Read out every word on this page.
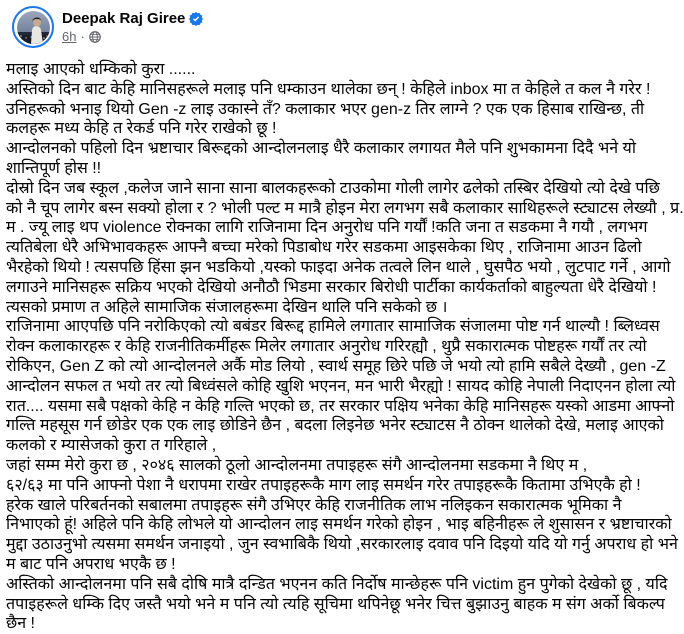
Deepak Raj Giree
6h ·
मलाइ आएको धम्किको कुरा ......
अस्तिको दिन बाट केहि मानिसहरूले मलाइ पनि धम्काउन थालेका छन् ! केहिले inbox मा त केहिले त कल नै गरेर !
उनिहरूको भनाइ थियो Gen -z लाइ उकास्ने तँ? कलाकार भएर gen-z तिर लाग्ने ? एक एक हिसाब राखिन्छ, ती
कलहरू मध्य केहि त रेकर्ड पनि गरेर राखेको छू !
आन्दोलनको पहिलो दिन भ्रष्टाचार बिरूद्दको आन्दोलनलाइ धैरै कलाकार लगायत मैले पनि शुभकामना दिदै भने यो
शान्तिपूर्ण होस !!
दोस्रो दिन जब स्कूल ,कलेज जाने साना साना बालकहरूको टाउकोमा गोली लागेर ढलेको तस्बिर देखियो त्यो देखे पछि
को नै चूप लागेर बस्न सक्यो होला र ? भोली पल्ट म मात्रै होइन मेरा लगभग सबै कलाकार साथिहरूले स्ट्याटस लेख्यौ , प्र.
म . ज्यू लाइ थप violence रोक्नका लागि राजिनामा दिन अनुरोध पनि गर्यौं !कति जना त सडकमा नै गयौ , लगभग
त्यतिबेला धेरै अभिभावकहरू आफ्नै बच्चा मरेको पिडाबोध गरेर सडकमा आइसकेका थिए , राजिनामा आउन ढिलो
भैरहेको थियो ! त्यसपछि हिंसा झन भडकियो ,यस्को फाइदा अनेक तत्वले लिन थाले , घुसपैठ भयो , लुटपाट गर्ने , आगो
लगाउने मानिसहरू सक्रिय भएको देखियो अनौठौ भिडमा सरकार बिरोधी पार्टीका कार्यकर्ताको बाहुल्यता धेरै देखियो !
त्यसको प्रमाण त अहिले सामाजिक संजालहरूमा देखिन थालि पनि सकेको छ ।
राजिनामा आएपछि पनि नरोकिएको त्यो बबंडर बिरूद्द हामिले लगातार सामाजिक संजालमा पोष्ट गर्न थाल्यौ ! ब्लिध्वस
रोक्न कलाकारहरू र केहि राजनीतिकर्मीहरू मिलेर लगातार अनुरोध गरिरह्यौ , थुप्रै सकारात्मक पोष्टहरू गर्यौं तर त्यो
रोकिएन, Gen Z को त्यो आन्दोलनले अर्कै मोड लियो , स्वार्थ समूह छिरे पछि जे भयो त्यो हामि सबैले देख्यौ , gen -Z
आन्दोलन सफल त भयो तर त्यो बिध्वंसले कोहि खुशि भएनन, मन भारी भैरह्यो ! सायद कोहि नेपाली निदाएनन होला त्यो
रात.... यसमा सबै पक्षको केहि न केहि गल्ति भएको छ, तर सरकार पक्षिय भनेका केहि मानिसहरू यस्को आडमा आफ्नो
गल्ति महसूस गर्न छोडेर एक एक लाइ छोडिने छैन , बदला लिइनेछ भनेर स्ट्याटस नै ठोक्न थालेको देखे, मलाइ आएको
कलको र म्यासेजको कुरा त गरिहाले ,
जहां सम्म मेरो कुरा छ , २०४६ सालको ठूलो आन्दोलनमा तपाइहरू संगै आन्दोलनमा सडकमा नै थिए म ,
६२/६३ मा पनि आफ्नो पेशा नै धरापमा राखेर तपाइहरूकै माग लाइ समर्थन गरेर तपाइहरूकै कितामा उभिएकै हो !
हरेक खाले परिबर्तनको सबालमा तपाइहरू संगै उभिएर केहि राजनीतिक लाभ नलिइकन सकारात्मक भूमिका नै
निभाएको हूं! अहिले पनि केहि लोभले यो आन्दोलन लाइ समर्थन गरेको होइन , भाइ बहिनीहरू ले शुसासन र भ्रष्टाचारको
मुद्दा उठाउनुभो त्यसमा समर्थन जनाइयो , जुन स्वभाबिकै थियो ,सरकारलाइ दवाव पनि दिइयो यदि यो गर्नु अपराध हो भने
म बाट पनि अपराध भएकै छ !
अस्तिको आन्दोलनमा पनि सबै दोषि मात्रै दन्डित भएनन कति निर्दोष मान्छेहरू पनि victim हुन पुगेको देखेको छू , यदि
तपाइहरूले धम्कि दिए जस्तै भयो भने म पनि त्यो त्यहि सूचिमा थपिनेछू भनेर चित्त बुझाउनु बाहक म संग अर्को बिकल्प
छैन !
